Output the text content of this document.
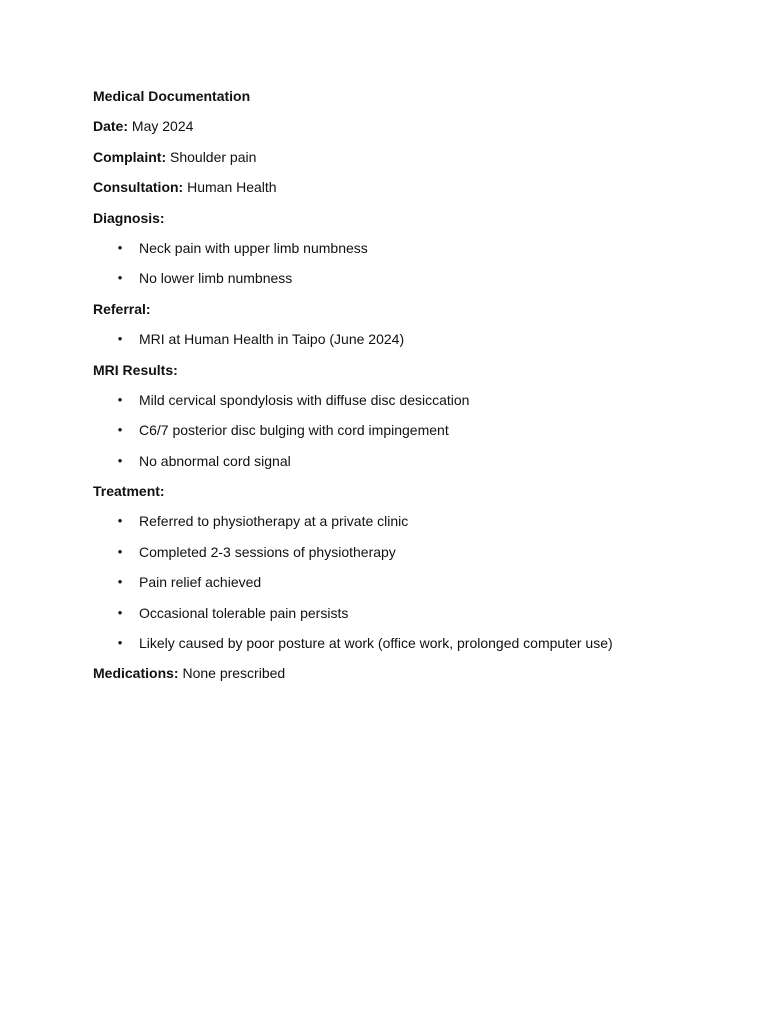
Medical Documentation
Date: May 2024
Complaint: Shoulder pain
Consultation: Human Health
Diagnosis:
• Neck pain with upper limb numbness
• No lower limb numbness
Referral:
• MRI at Human Health in Taipo (June 2024)
MRI Results:
• Mild cervical spondylosis with diffuse disc desiccation
• C6/7 posterior disc bulging with cord impingement
• No abnormal cord signal
Treatment:
• Referred to physiotherapy at a private clinic
• Completed 2-3 sessions of physiotherapy
• Pain relief achieved
• Occasional tolerable pain persists
• Likely caused by poor posture at work (office work, prolonged computer use)
Medications: None prescribed
